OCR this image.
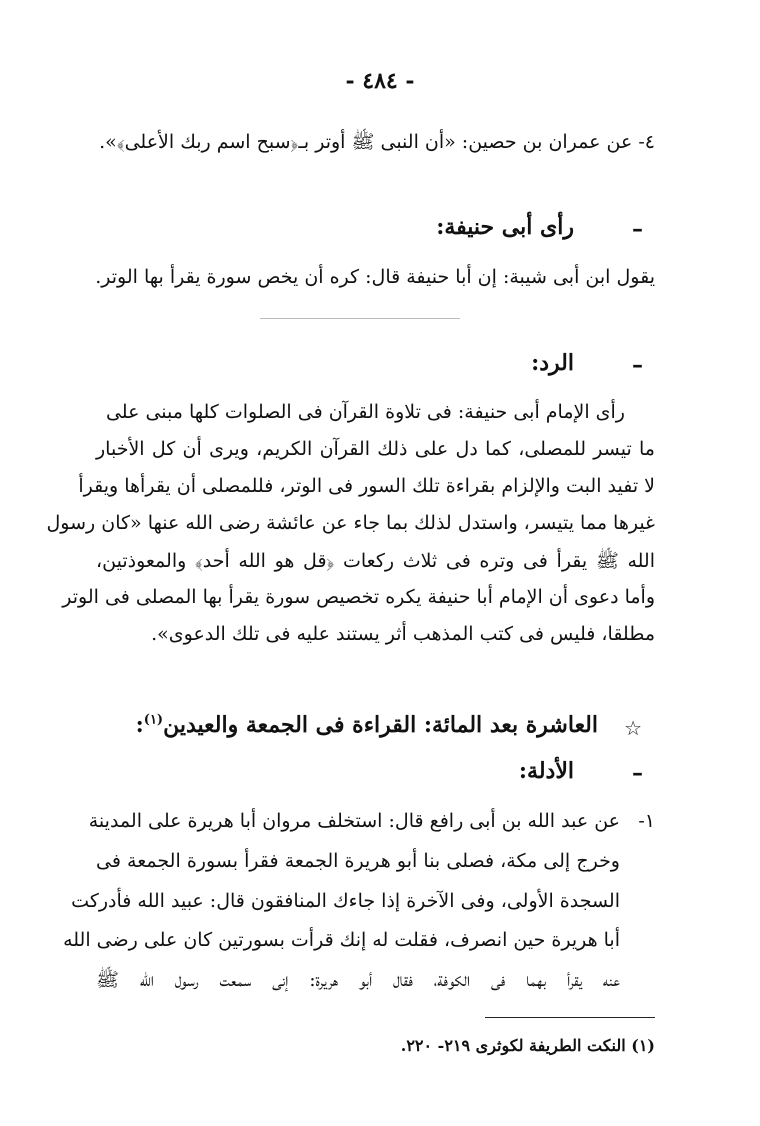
- ٤٨٤ -
٤- عن عمران بن حصين: «أن النبى ﷺ أوتر بـ﴿سبح اسم ربك الأعلى﴾».
–
رأى أبى حنيفة:
يقول ابن أبى شيبة: إن أبا حنيفة قال: كره أن يخص سورة يقرأ بها الوتر.
–
الرد:
رأى الإمام أبى حنيفة: فى تلاوة القرآن فى الصلوات كلها مبنى على
ما تيسر للمصلى، كما دل على ذلك القرآن الكريم، ويرى أن كل الأخبار
لا تفيد البت والإلزام بقراءة تلك السور فى الوتر، فللمصلى أن يقرأها ويقرأ
غيرها مما يتيسر، واستدل لذلك بما جاء عن عائشة رضى الله عنها «كان رسول
الله ﷺ يقرأ فى وتره فى ثلاث ركعات ﴿قل هو الله أحد﴾ والمعوذتين،
وأما دعوى أن الإمام أبا حنيفة يكره تخصيص سورة يقرأ بها المصلى فى الوتر
مطلقا، فليس فى كتب المذهب أثر يستند عليه فى تلك الدعوى».
☆
العاشرة بعد المائة: القراءة فى الجمعة والعيدين$^{(١)}$:
–
الأدلة:
١-
عن عبد الله بن أبى رافع قال: استخلف مروان أبا هريرة على المدينة
وخرج إلى مكة، فصلى بنا أبو هريرة الجمعة فقرأ بسورة الجمعة فى
السجدة الأولى، وفى الآخرة إذا جاءك المنافقون قال: عبيد الله فأدركت
أبا هريرة حين انصرف، فقلت له إنك قرأت بسورتين كان على رضى الله
عنه يقرأ بهما فى الكوفة، فقال أبو هريرة: إنى سمعت رسول الله ﷺ
(١) النكت الطريفة لكوثرى ٢١٩- ٢٢٠.
